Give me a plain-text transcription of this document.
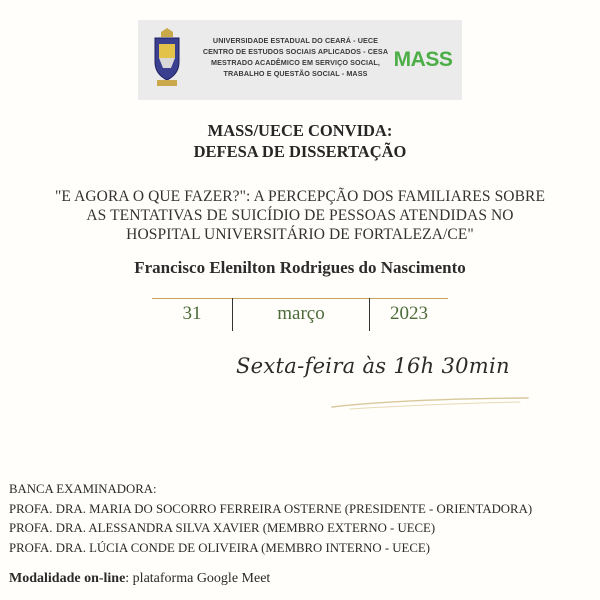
UNIVERSIDADE ESTADUAL DO CEARÁ - UECE
CENTRO DE ESTUDOS SOCIAIS APLICADOS - CESA
MESTRADO ACADÊMICO EM SERVIÇO SOCIAL,
TRABALHO E QUESTÃO SOCIAL - MASS
MASS
MASS/UECE CONVIDA:
DEFESA DE DISSERTAÇÃO
"E AGORA O QUE FAZER?": A PERCEPÇÃO DOS FAMILIARES SOBRE
AS TENTATIVAS DE SUICÍDIO DE PESSOAS ATENDIDAS NO
HOSPITAL UNIVERSITÁRIO DE FORTALEZA/CE"
Francisco Elenilton Rodrigues do Nascimento
31	março	2023
Sexta-feira às 16h 30min
BANCA EXAMINADORA:
PROFA. DRA. MARIA DO SOCORRO FERREIRA OSTERNE (PRESIDENTE - ORIENTADORA)
PROFA. DRA. ALESSANDRA SILVA XAVIER (MEMBRO EXTERNO - UECE)
PROFA. DRA. LÚCIA CONDE DE OLIVEIRA (MEMBRO INTERNO - UECE)
Modalidade on-line: plataforma Google Meet
